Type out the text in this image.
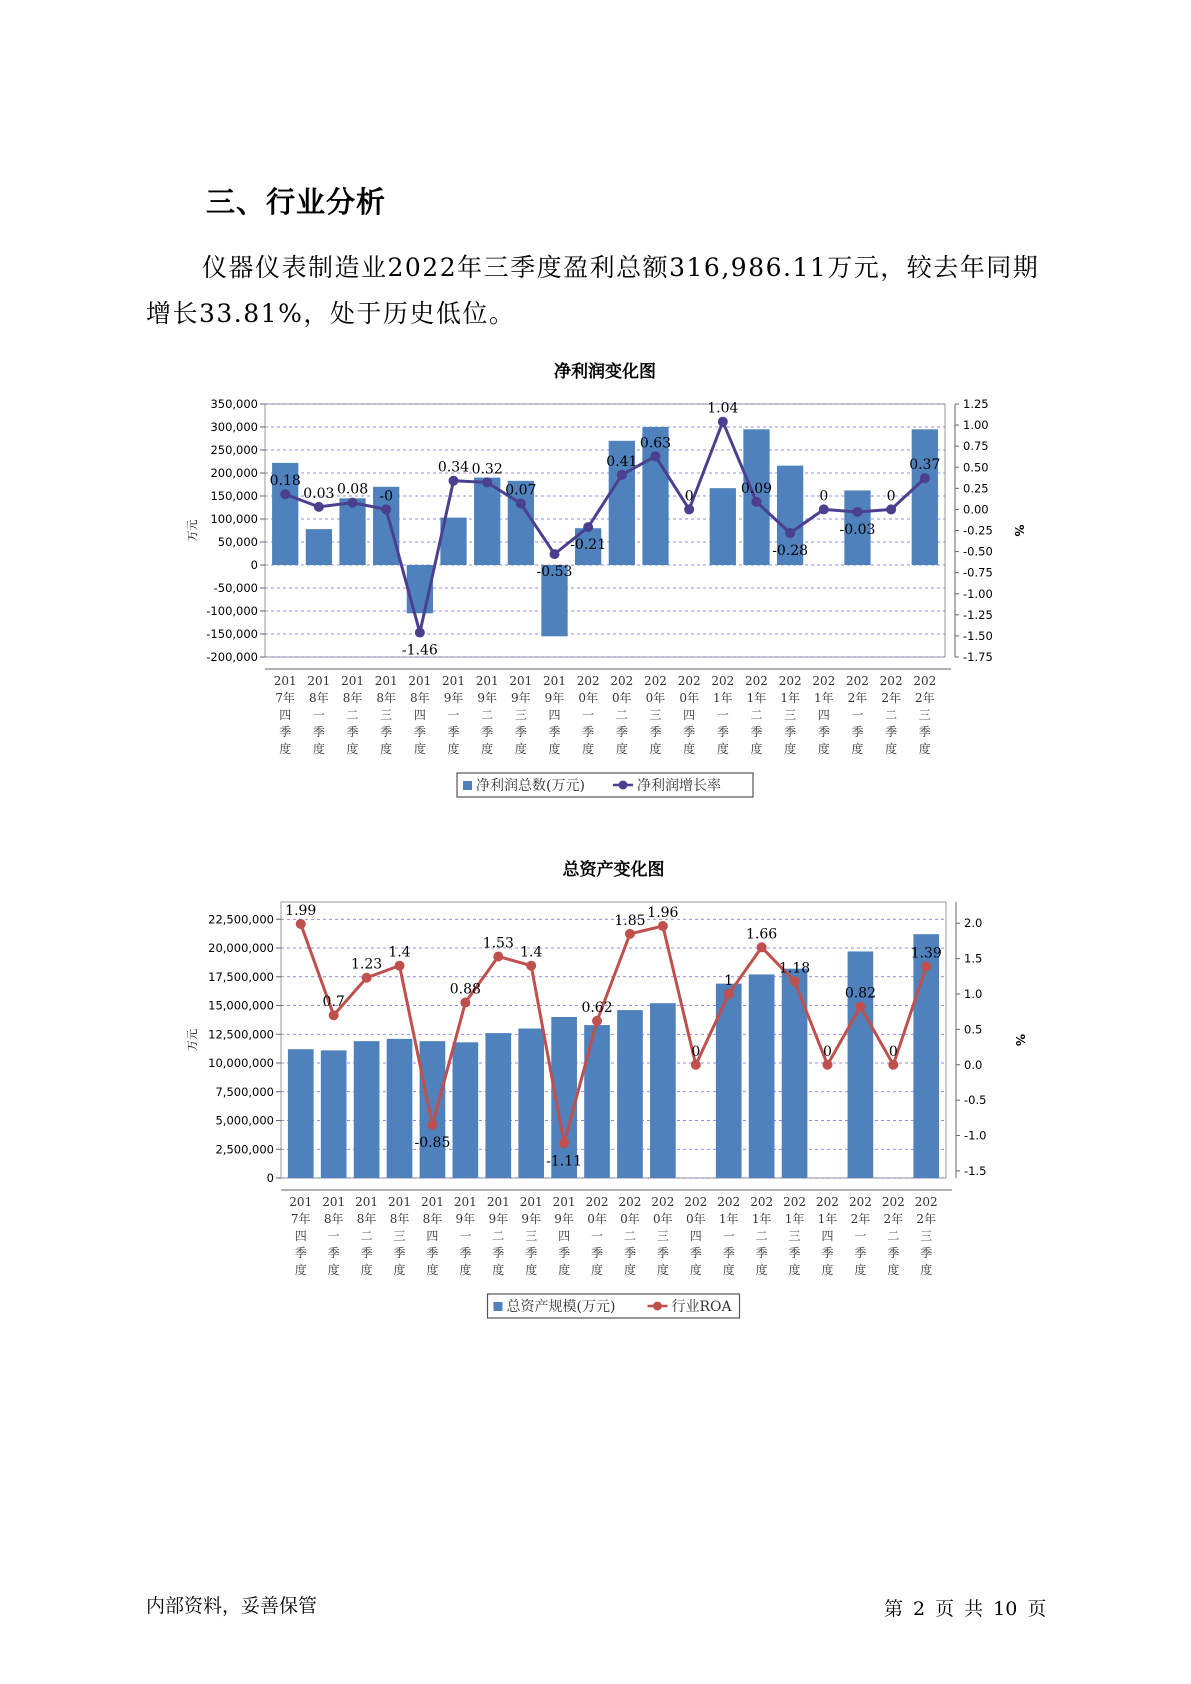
三、行业分析
仪器仪表制造业2022年三季度盈利总额316,986.11万元，较去年同期增长33.81%，处于历史低位。
净利润变化图
-200,000
-150,000
-100,000
-50,000
0
50,000
100,000
150,000
200,000
250,000
300,000
350,000
万元
-1.75
-1.50
-1.25
-1.00
-0.75
-0.50
-0.25
0.00
0.25
0.50
0.75
1.00
1.25
%
0.18
0.03 0.08 -0
-1.46
0.34 0.32
0.07
-0.53
-0.21
0.41
0.63
0
1.04
0.09
-0.28
0
-0.03
0
0.37
201 7年四季度
201 8年一季度
201 8年二季度
201 8年三季度
201 8年四季度
201 9年一季度
201 9年二季度
201 9年三季度
201 9年四季度
202 0年一季度
202 0年二季度
202 0年三季度
202 0年四季度
202 1年一季度
202 1年二季度
202 1年三季度
202 1年四季度
202 2年一季度
202 2年二季度
202 2年三季度
净利润总数(万元)	净利润增长率
总资产变化图
0
2,500,000
5,000,000
7,500,000
10,000,000
12,500,000
15,000,000
17,500,000
20,000,000
22,500,000
万元
-1.5
-1.0
-0.5
0.0
0.5
1.0
1.5
2.0
%
1.99
0.7
1.23
1.4
-0.85
0.88
1.53
1.4
-1.11
0.62
1.85 1.96
0
1
1.66
1.18
0
0.82
0
1.39
201 7年四季度
201 8年一季度
201 8年二季度
201 8年三季度
201 8年四季度
201 9年一季度
201 9年二季度
201 9年三季度
201 9年四季度
202 0年一季度
202 0年二季度
202 0年三季度
202 0年四季度
202 1年一季度
202 1年二季度
202 1年三季度
202 1年四季度
202 2年一季度
202 2年二季度
202 2年三季度
总资产规模(万元)	行业ROA
内部资料，妥善保管	第 2 页 共 10 页
